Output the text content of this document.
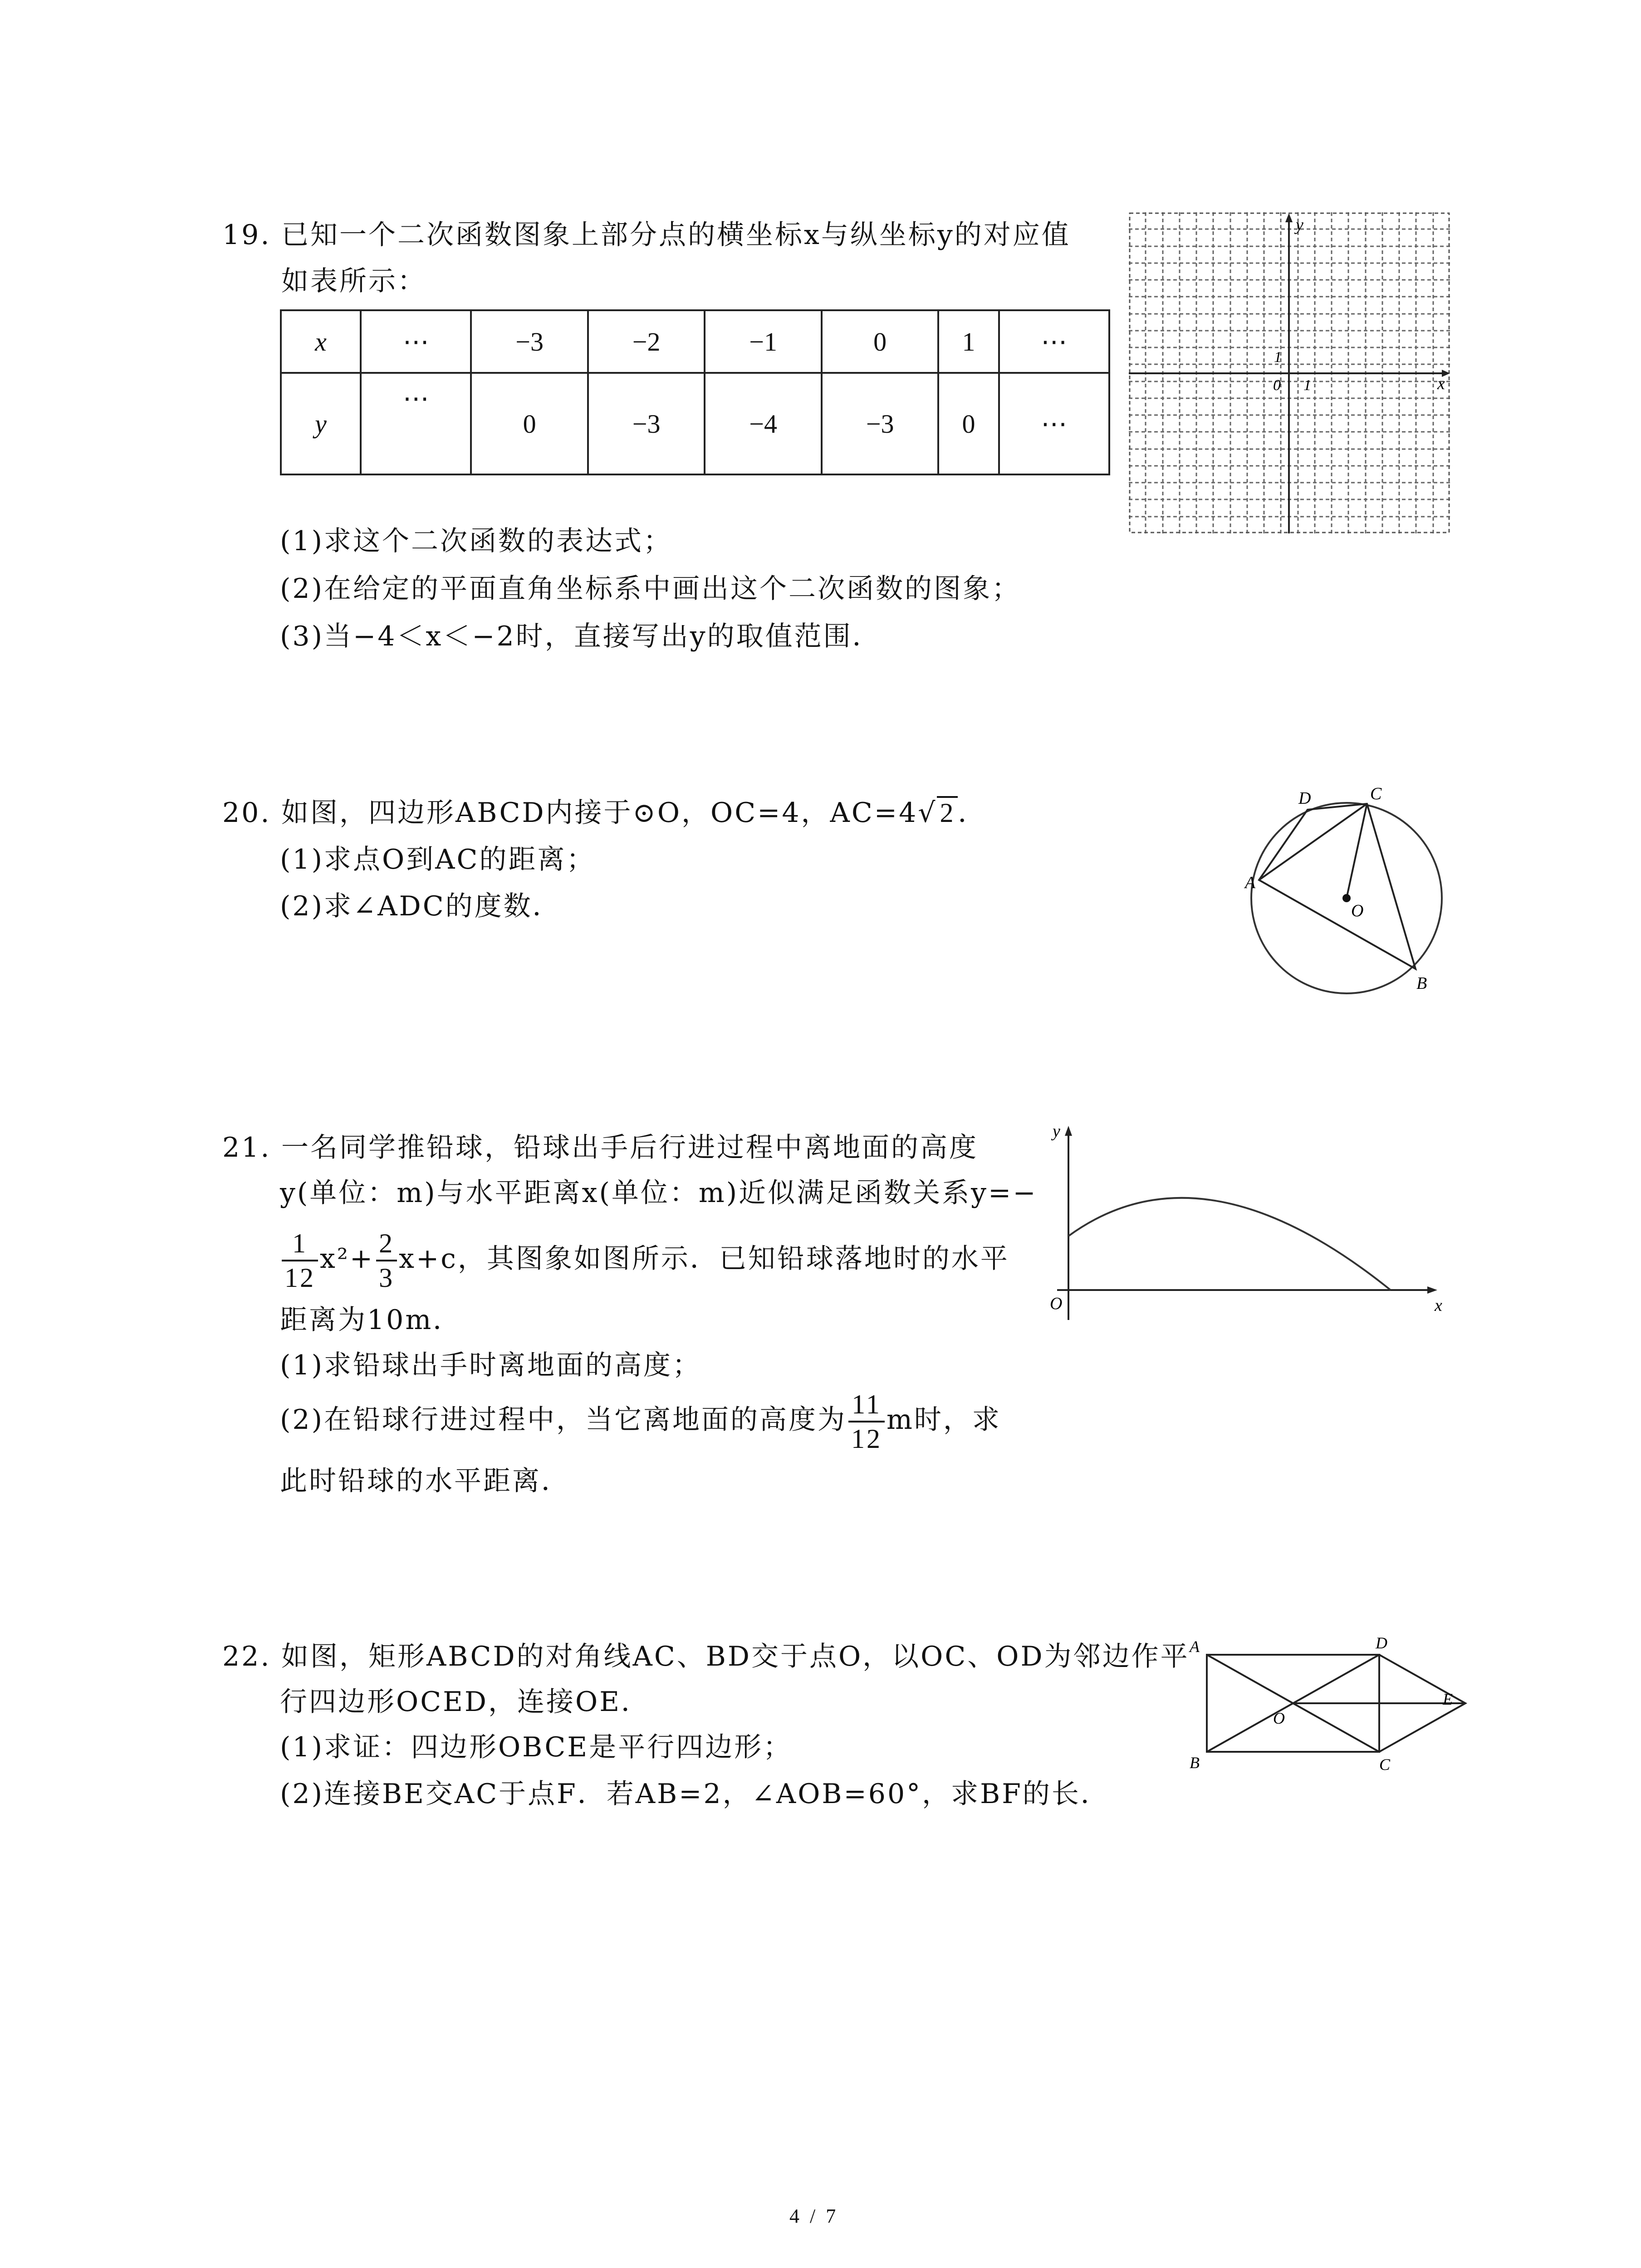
19. 已知一个二次函数图象上部分点的横坐标x与纵坐标y的对应值
如表所示：
x	⋯	−3	−2	−1	0	1	⋯
y	⋯	0	−3	−4	−3	0	⋯
(1)求这个二次函数的表达式；
(2)在给定的平面直角坐标系中画出这个二次函数的图象；
(3)当−4＜x＜−2时，直接写出y的取值范围．
y
x
0 1
1
20. 如图，四边形ABCD内接于⊙O，OC=4，AC=4√ 2 ．
(1)求点O到AC的距离；
(2)求∠ADC的度数．
A
B
C
D
O
21. 一名同学推铅球，铅球出手后行进过程中离地面的高度
y(单位：m)与水平距离x(单位：m)近似满足函数关系y=−
$\frac{1}{12} x^2+ \frac{2}{3} x+c$，其图象如图所示．已知铅球落地时的水平
距离为10m．
(1)求铅球出手时离地面的高度；
(2)在铅球行进过程中，当它离地面的高度为 $\frac{11}{12}$ m时，求
此时铅球的水平距离．
y
x
O
22. 如图，矩形ABCD的对角线AC、BD交于点O，以OC、OD为邻边作平
行四边形OCED，连接OE．
(1)求证：四边形OBCE是平行四边形；
(2)连接BE交AC于点F．若AB=2，∠AOB=60°，求BF的长．
A
B	C
D
E
O
4 / 7
